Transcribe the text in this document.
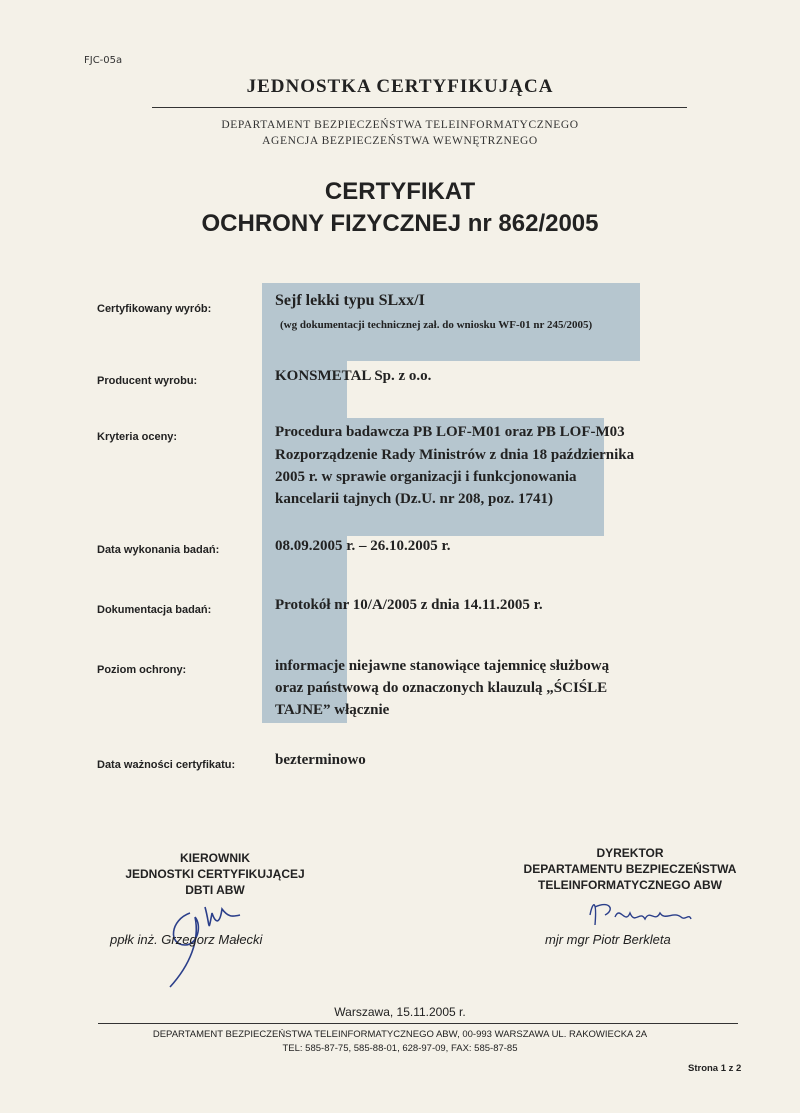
FJC-05a
JEDNOSTKA CERTYFIKUJĄCA
DEPARTAMENT BEZPIECZEŃSTWA TELEINFORMATYCZNEGO
AGENCJA BEZPIECZEŃSTWA WEWNĘTRZNEGO
CERTYFIKAT
OCHRONY FIZYCZNEJ nr 862/2005
Certyfikowany wyrób:	Sejf lekki typu SLxx/I
(wg dokumentacji technicznej zał. do wniosku WF-01 nr 245/2005)
Producent wyrobu:	KONSMETAL Sp. z o.o.
Kryteria oceny:	Procedura badawcza PB LOF-M01 oraz PB LOF-M03
Rozporządzenie Rady Ministrów z dnia 18 października
2005 r. w sprawie organizacji i funkcjonowania
kancelarii tajnych (Dz.U. nr 208, poz. 1741)
Data wykonania badań:	08.09.2005 r. – 26.10.2005 r.
Dokumentacja badań:	Protokół nr 10/A/2005 z dnia 14.11.2005 r.
Poziom ochrony:	informacje niejawne stanowiące tajemnicę służbową
oraz państwową do oznaczonych klauzulą „ŚCIŚLE
TAJNE” włącznie
Data ważności certyfikatu:	bezterminowo
KIEROWNIK
JEDNOSTKI CERTYFIKUJĄCEJ
DBTI ABW
ppłk inż. Grzegorz Małecki
DYREKTOR
DEPARTAMENTU BEZPIECZEŃSTWA
TELEINFORMATYCZNEGO ABW
mjr mgr Piotr Berkleta
Warszawa, 15.11.2005 r.
DEPARTAMENT BEZPIECZEŃSTWA TELEINFORMATYCZNEGO ABW, 00-993 WARSZAWA UL. RAKOWIECKA 2A
TEL: 585-87-75, 585-88-01, 628-97-09, FAX: 585-87-85
Strona 1 z 2
